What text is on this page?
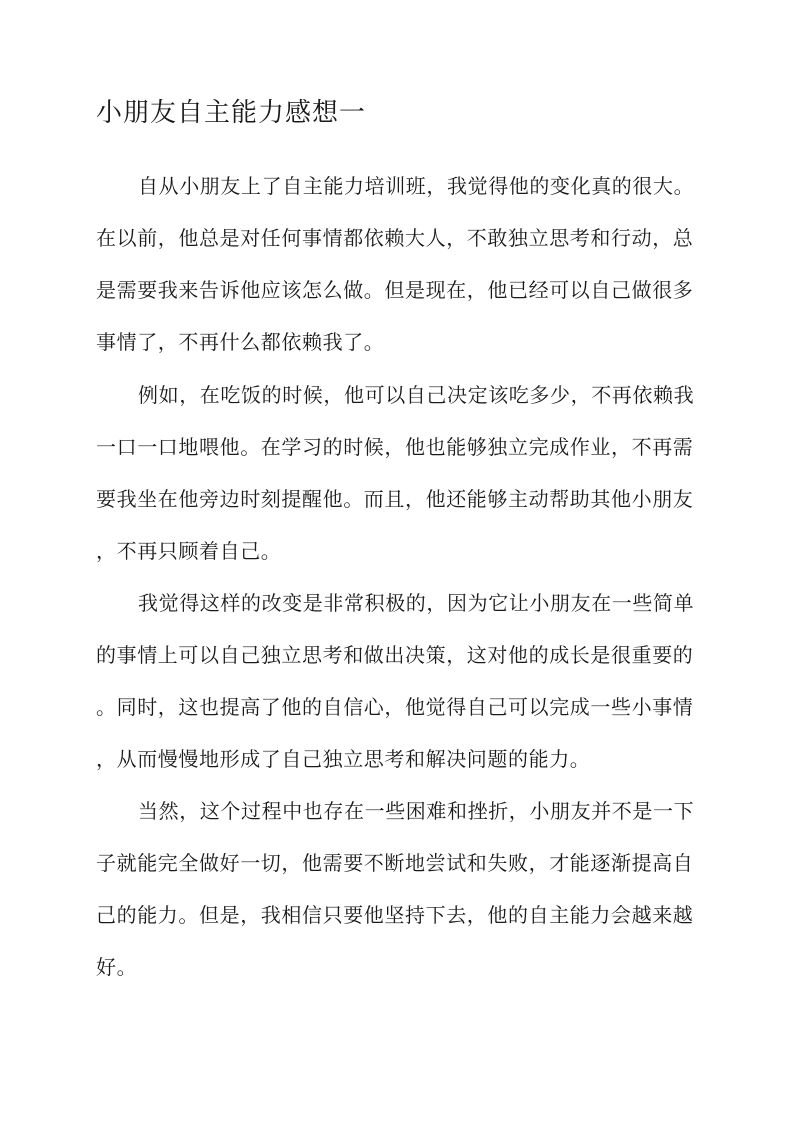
小朋友自主能力感想一
自从小朋友上了自主能力培训班，我觉得他的变化真的很大。
在以前，他总是对任何事情都依赖大人，不敢独立思考和行动，总
是需要我来告诉他应该怎么做。但是现在，他已经可以自己做很多
事情了，不再什么都依赖我了。
例如，在吃饭的时候，他可以自己决定该吃多少，不再依赖我
一口一口地喂他。在学习的时候，他也能够独立完成作业，不再需
要我坐在他旁边时刻提醒他。而且，他还能够主动帮助其他小朋友
，不再只顾着自己。
我觉得这样的改变是非常积极的，因为它让小朋友在一些简单
的事情上可以自己独立思考和做出决策，这对他的成长是很重要的
。同时，这也提高了他的自信心，他觉得自己可以完成一些小事情
，从而慢慢地形成了自己独立思考和解决问题的能力。
当然，这个过程中也存在一些困难和挫折，小朋友并不是一下
子就能完全做好一切，他需要不断地尝试和失败，才能逐渐提高自
己的能力。但是，我相信只要他坚持下去，他的自主能力会越来越
好。
